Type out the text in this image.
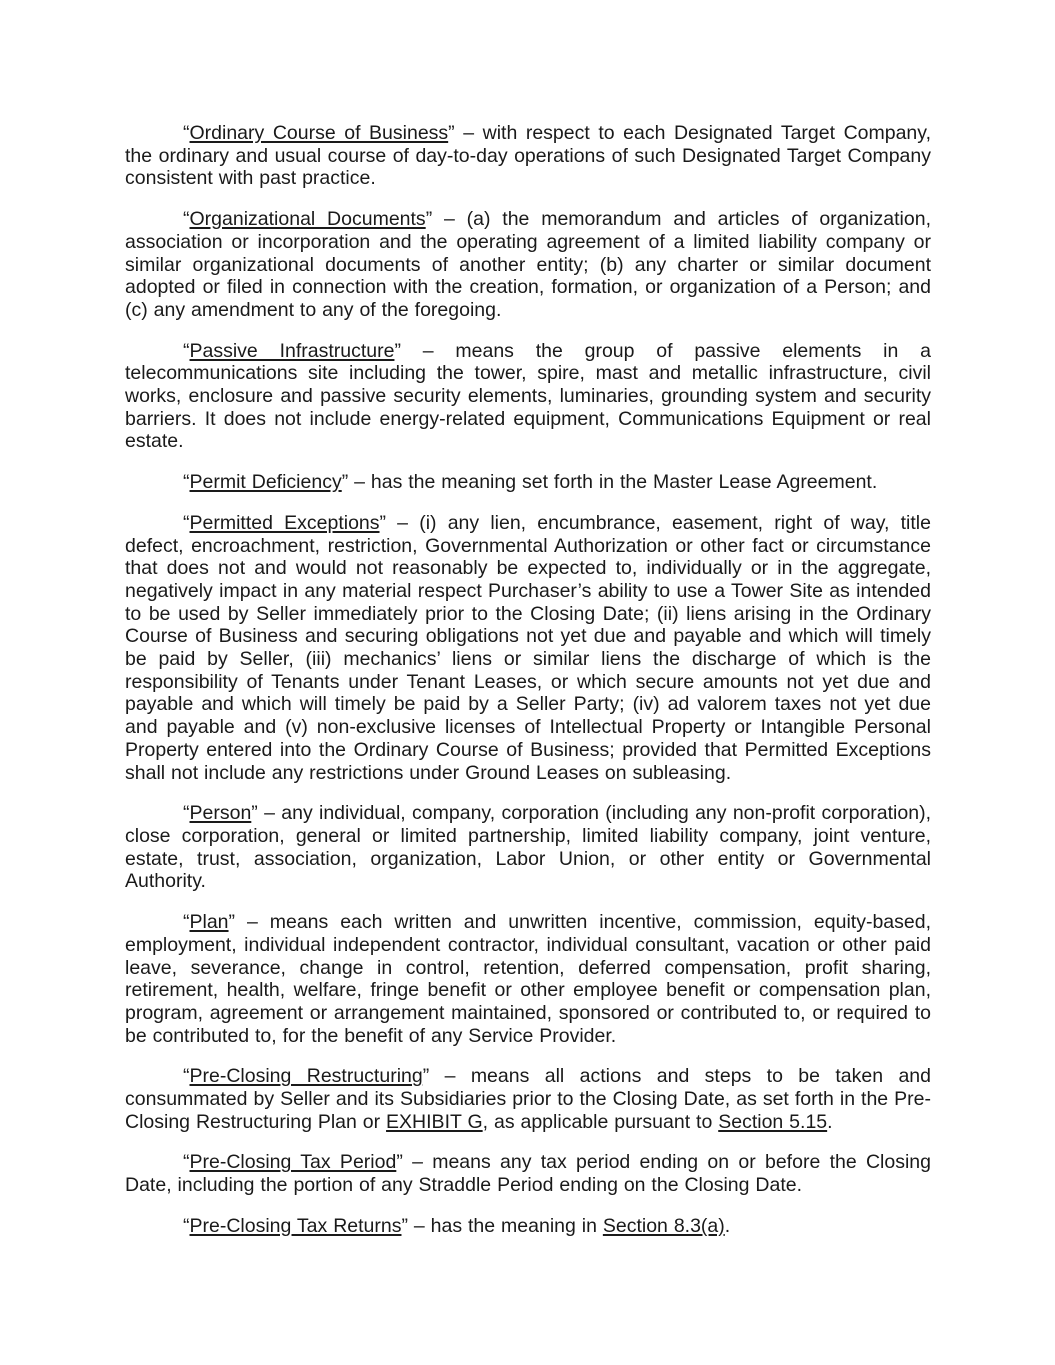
“Ordinary Course of Business” – with respect to each Designated Target Company, the ordinary and usual course of day-to-day operations of such Designated Target Company consistent with past practice.

“Organizational Documents” – (a) the memorandum and articles of organization, association or incorporation and the operating agreement of a limited liability company or similar organizational documents of another entity; (b) any charter or similar document adopted or filed in connection with the creation, formation, or organization of a Person; and (c) any amendment to any of the foregoing.

“Passive Infrastructure” – means the group of passive elements in a telecommunications site including the tower, spire, mast and metallic infrastructure, civil works, enclosure and passive security elements, luminaries, grounding system and security barriers. It does not include energy-related equipment, Communications Equipment or real estate.

“Permit Deficiency” – has the meaning set forth in the Master Lease Agreement.

“Permitted Exceptions” – (i) any lien, encumbrance, easement, right of way, title defect, encroachment, restriction, Governmental Authorization or other fact or circumstance that does not and would not reasonably be expected to, individually or in the aggregate, negatively impact in any material respect Purchaser’s ability to use a Tower Site as intended to be used by Seller immediately prior to the Closing Date; (ii) liens arising in the Ordinary Course of Business and securing obligations not yet due and payable and which will timely be paid by Seller, (iii) mechanics’ liens or similar liens the discharge of which is the responsibility of Tenants under Tenant Leases, or which secure amounts not yet due and payable and which will timely be paid by a Seller Party; (iv) ad valorem taxes not yet due and payable and (v) non-exclusive licenses of Intellectual Property or Intangible Personal Property entered into the Ordinary Course of Business; provided that Permitted Exceptions shall not include any restrictions under Ground Leases on subleasing.

“Person” – any individual, company, corporation (including any non-profit corporation), close corporation, general or limited partnership, limited liability company, joint venture, estate, trust, association, organization, Labor Union, or other entity or Governmental Authority.

“Plan” – means each written and unwritten incentive, commission, equity-based, employment, individual independent contractor, individual consultant, vacation or other paid leave, severance, change in control, retention, deferred compensation, profit sharing, retirement, health, welfare, fringe benefit or other employee benefit or compensation plan, program, agreement or arrangement maintained, sponsored or contributed to, or required to be contributed to, for the benefit of any Service Provider.

“Pre-Closing Restructuring” – means all actions and steps to be taken and consummated by Seller and its Subsidiaries prior to the Closing Date, as set forth in the Pre-Closing Restructuring Plan or EXHIBIT G, as applicable pursuant to Section 5.15.

“Pre-Closing Tax Period” – means any tax period ending on or before the Closing Date, including the portion of any Straddle Period ending on the Closing Date.

“Pre-Closing Tax Returns” – has the meaning in Section 8.3(a).
